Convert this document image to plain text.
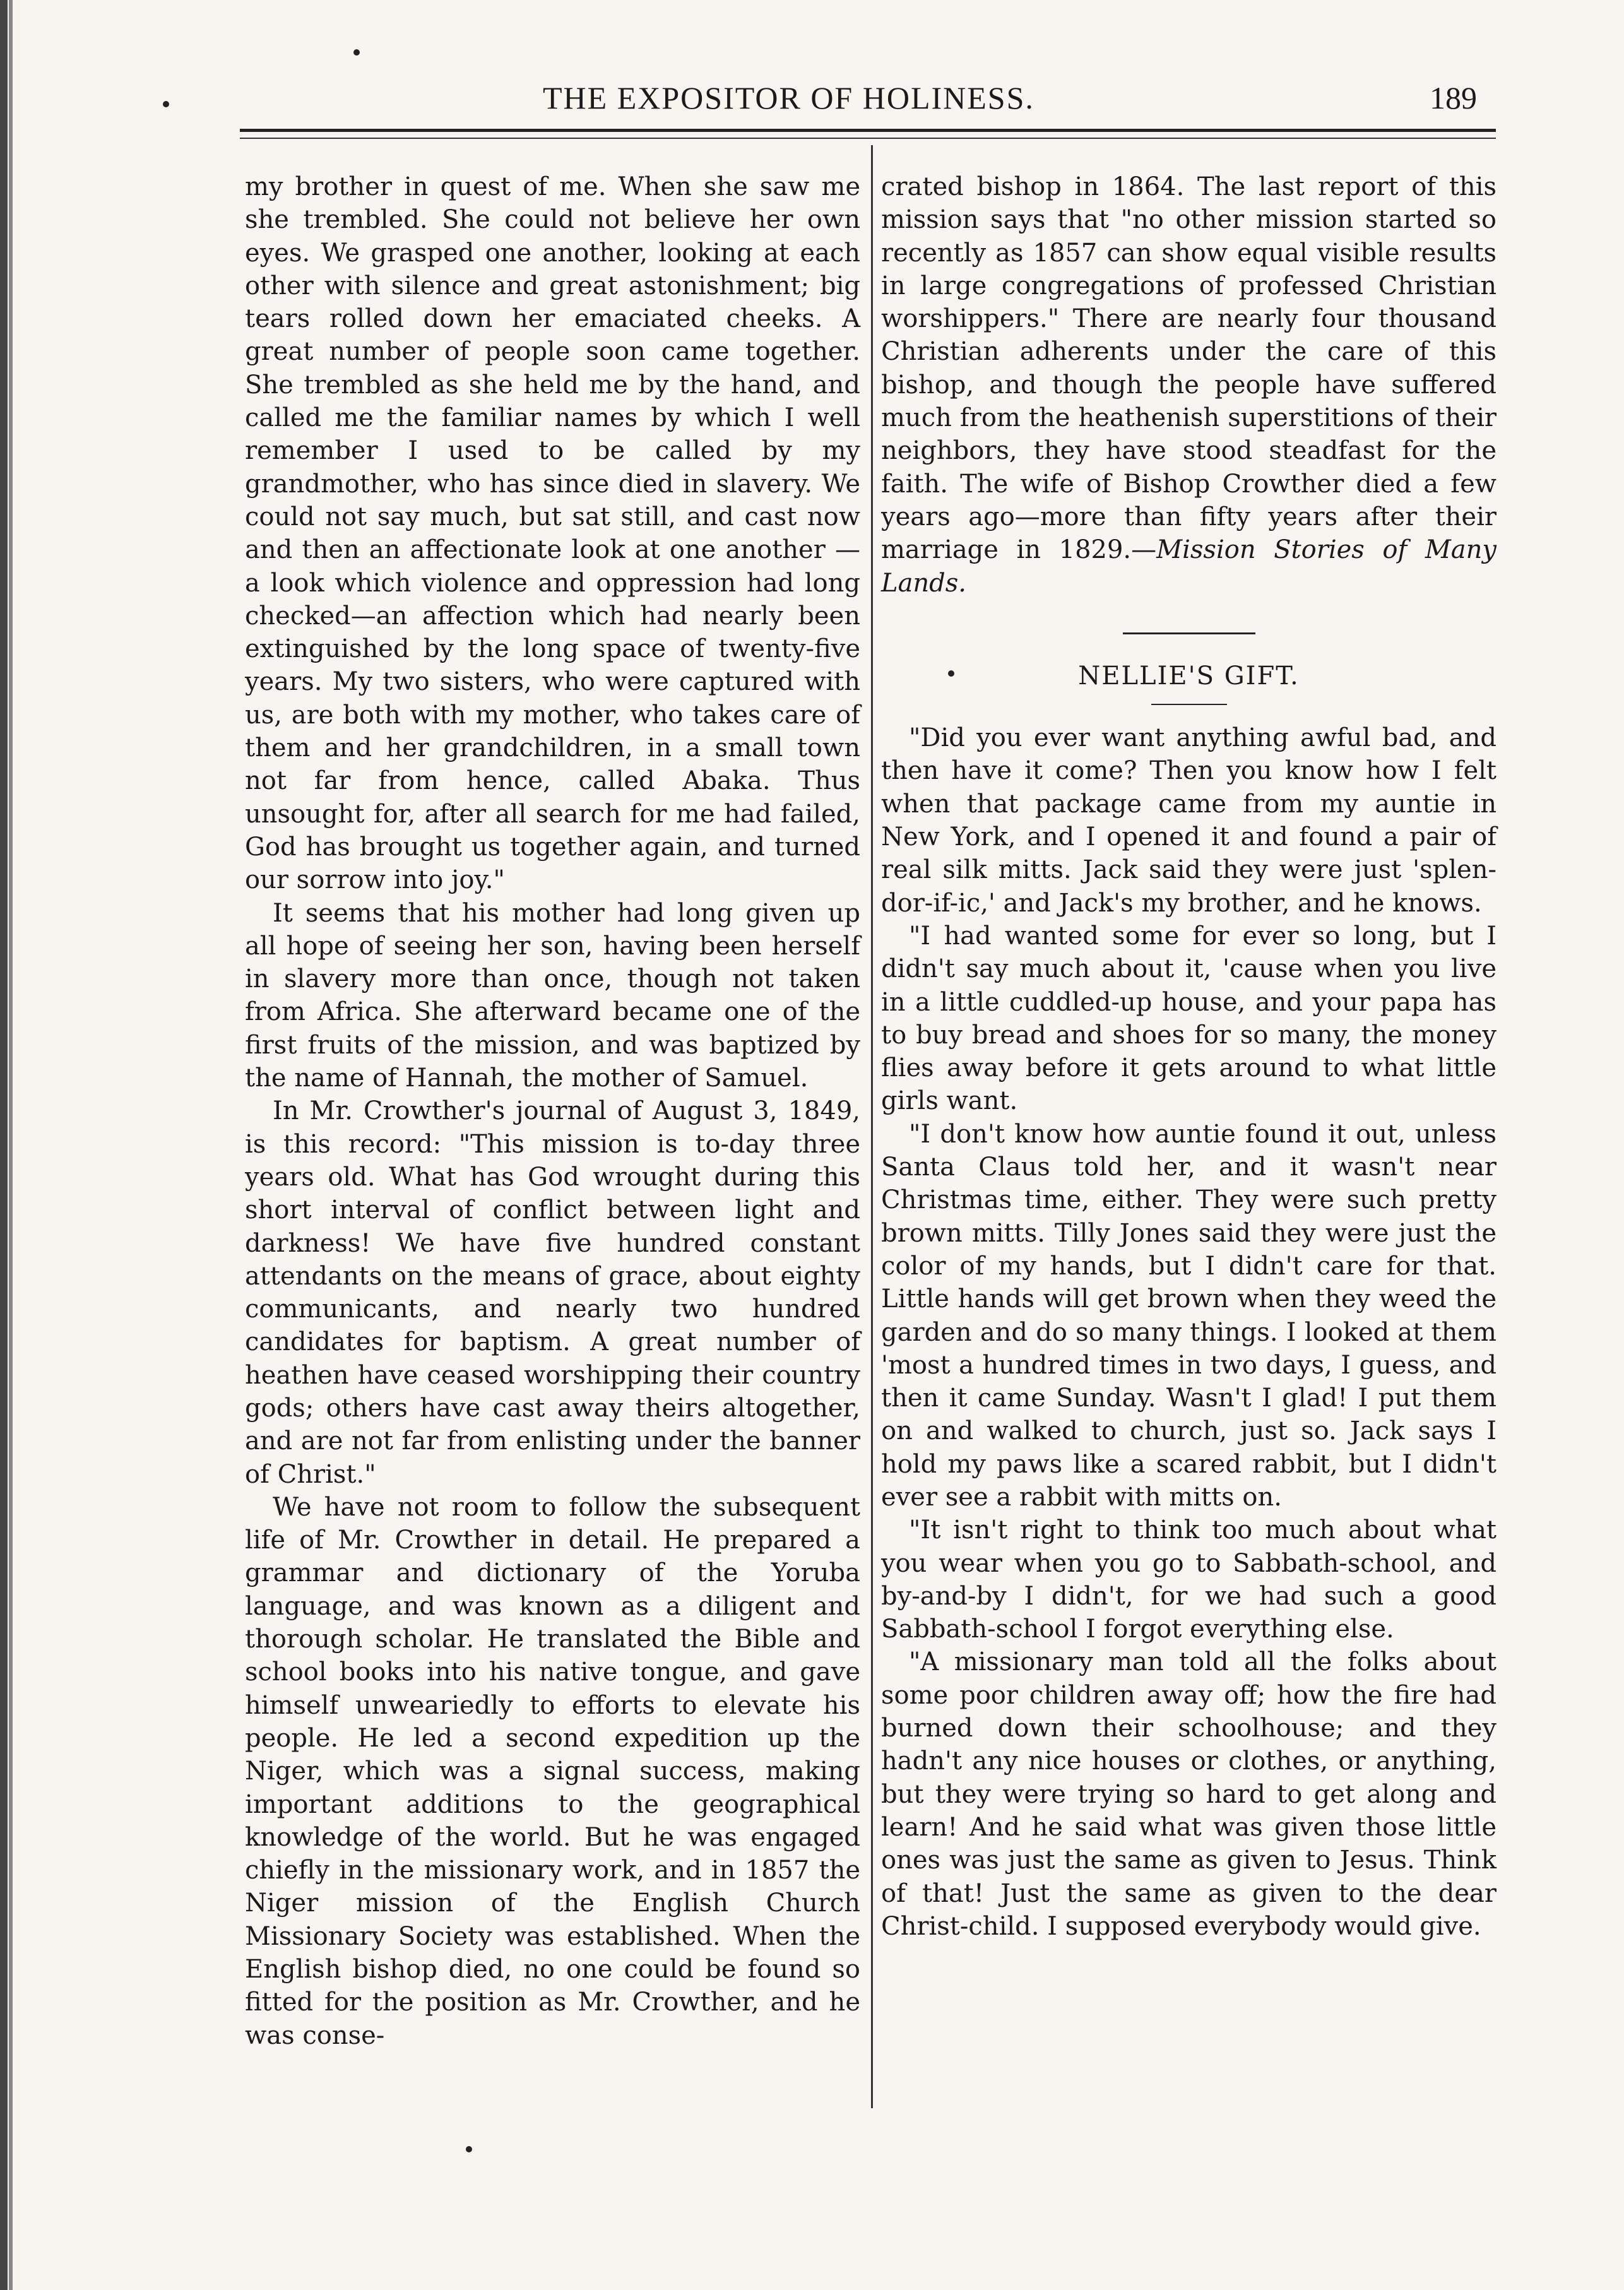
THE EXPOSITOR OF HOLINESS.	189

my brother in quest of me. When she saw me she trembled. She could not believe her own eyes. We grasped one another, looking at each other with silence and great astonishment; big tears rolled down her emaciated cheeks. A great number of people soon came together. She trembled as she held me by the hand, and called me the familiar names by which I well remember I used to be called by my grandmother, who has since died in slavery. We could not say much, but sat still, and cast now and then an affectionate look at one another —a look which violence and oppression had long checked—an affection which had nearly been extinguished by the long space of twenty-five years. My two sisters, who were captured with us, are both with my mother, who takes care of them and her grandchildren, in a small town not far from hence, called Abaka. Thus unsought for, after all search for me had failed, God has brought us together again, and turned our sorrow into joy."

It seems that his mother had long given up all hope of seeing her son, having been herself in slavery more than once, though not taken from Africa. She afterward became one of the first fruits of the mission, and was baptized by the name of Hannah, the mother of Samuel.

In Mr. Crowther's journal of August 3, 1849, is this record: "This mission is to-day three years old. What has God wrought during this short interval of conflict between light and darkness! We have five hundred constant attendants on the means of grace, about eighty communicants, and nearly two hundred candidates for baptism. A great number of heathen have ceased worshipping their country gods; others have cast away theirs altogether, and are not far from enlisting under the banner of Christ."

We have not room to follow the subsequent life of Mr. Crowther in detail. He prepared a grammar and dictionary of the Yoruba language, and was known as a diligent and thorough scholar. He translated the Bible and school books into his native tongue, and gave himself unweariedly to efforts to elevate his people. He led a second expedition up the Niger, which was a signal success, making important additions to the geographical knowledge of the world. But he was engaged chiefly in the missionary work, and in 1857 the Niger mission of the English Church Missionary Society was established. When the English bishop died, no one could be found so fitted for the position as Mr. Crowther, and he was conse-

crated bishop in 1864. The last report of this mission says that "no other mission started so recently as 1857 can show equal visible results in large congregations of professed Christian worshippers." There are nearly four thousand Christian adherents under the care of this bishop, and though the people have suffered much from the heathenish superstitions of their neighbors, they have stood steadfast for the faith. The wife of Bishop Crowther died a few years ago—more than fifty years after their marriage in 1829.—Mission Stories of Many Lands.

NELLIE'S GIFT.

"Did you ever want anything awful bad, and then have it come? Then you know how I felt when that package came from my auntie in New York, and I opened it and found a pair of real silk mitts. Jack said they were just 'splen-dor-if-ic,' and Jack's my brother, and he knows.

"I had wanted some for ever so long, but I didn't say much about it, 'cause when you live in a little cuddled-up house, and your papa has to buy bread and shoes for so many, the money flies away before it gets around to what little girls want.

"I don't know how auntie found it out, unless Santa Claus told her, and it wasn't near Christmas time, either. They were such pretty brown mitts. Tilly Jones said they were just the color of my hands, but I didn't care for that. Little hands will get brown when they weed the garden and do so many things. I looked at them 'most a hundred times in two days, I guess, and then it came Sunday. Wasn't I glad! I put them on and walked to church, just so. Jack says I hold my paws like a scared rabbit, but I didn't ever see a rabbit with mitts on.

"It isn't right to think too much about what you wear when you go to Sabbath-school, and by-and-by I didn't, for we had such a good Sabbath-school I forgot everything else.

"A missionary man told all the folks about some poor children away off; how the fire had burned down their schoolhouse; and they hadn't any nice houses or clothes, or anything, but they were trying so hard to get along and learn! And he said what was given those little ones was just the same as given to Jesus. Think of that! Just the same as given to the dear Christ-child. I supposed everybody would give.
